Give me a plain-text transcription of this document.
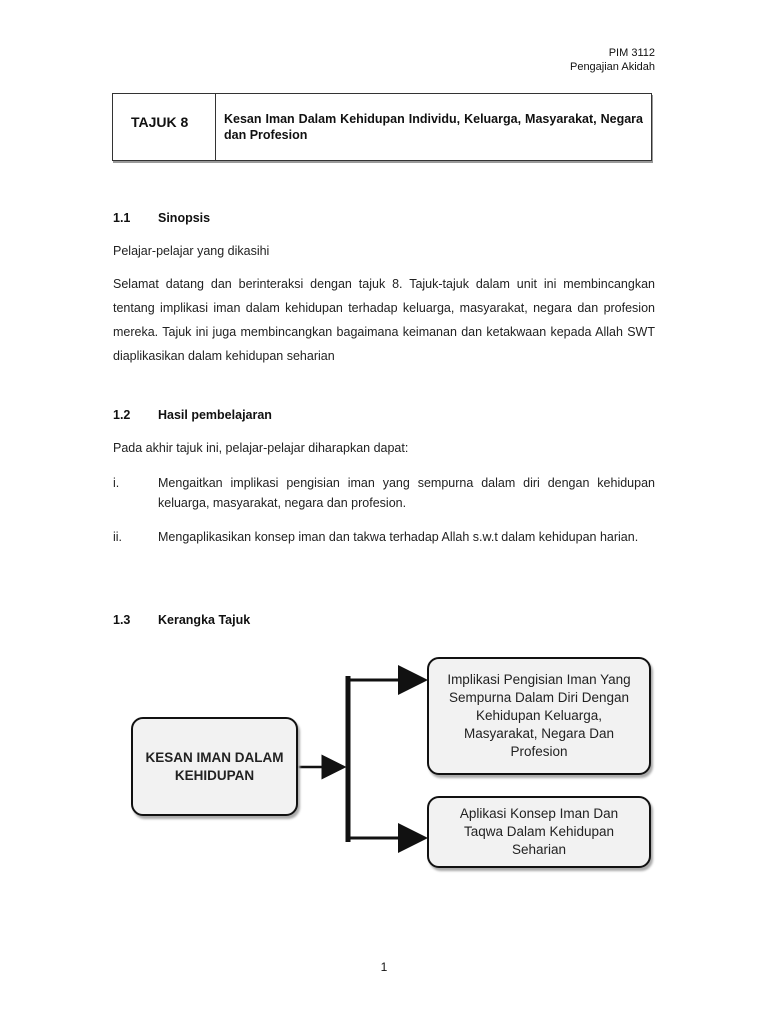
PIM 3112
Pengajian Akidah
TAJUK 8	Kesan Iman Dalam Kehidupan Individu, Keluarga, Masyarakat, Negara dan Profesion
1.1 Sinopsis
Pelajar-pelajar yang dikasihi
Selamat datang dan berinteraksi dengan tajuk 8. Tajuk-tajuk dalam unit ini membincangkan tentang implikasi iman dalam kehidupan terhadap keluarga, masyarakat, negara dan profesion mereka. Tajuk ini juga membincangkan bagaimana keimanan dan ketakwaan kepada Allah SWT diaplikasikan dalam kehidupan seharian
1.2 Hasil pembelajaran
Pada akhir tajuk ini, pelajar-pelajar diharapkan dapat:
i.	Mengaitkan implikasi pengisian iman yang sempurna dalam diri dengan kehidupan keluarga, masyarakat, negara dan profesion.
ii.	Mengaplikasikan konsep iman dan takwa terhadap Allah s.w.t dalam kehidupan harian.
1.3 Kerangka Tajuk
KESAN IMAN DALAM KEHIDUPAN
Implikasi Pengisian Iman Yang Sempurna Dalam Diri Dengan Kehidupan Keluarga, Masyarakat, Negara Dan Profesion
Aplikasi Konsep Iman Dan Taqwa Dalam Kehidupan Seharian
1
